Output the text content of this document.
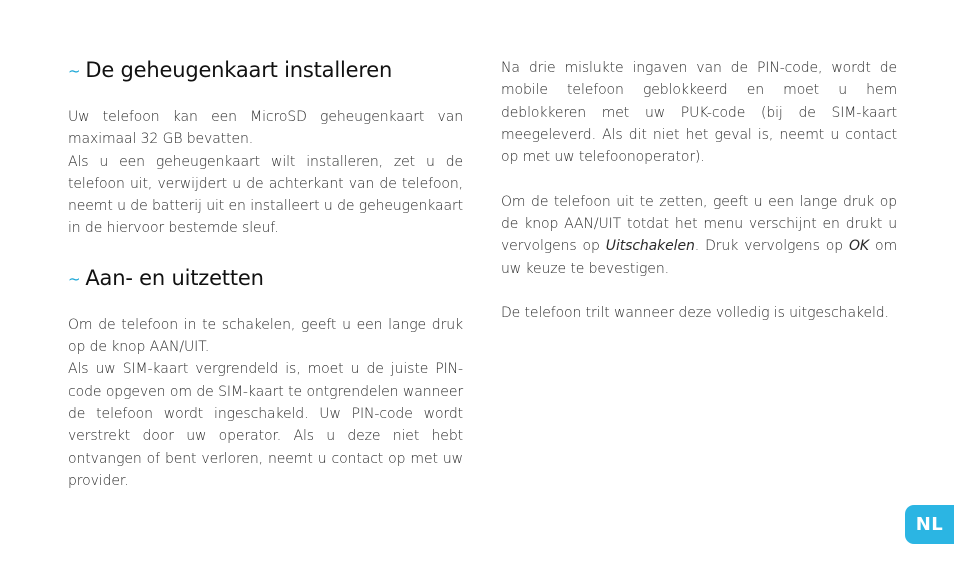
~ De geheugenkaart installeren

Uw telefoon kan een MicroSD geheugenkaart van maximaal 32 GB bevatten.

Als u een geheugenkaart wilt installeren, zet u de telefoon uit, verwijdert u de achterkant van de telefoon, neemt u de batterij uit en installeert u de geheugenkaart in de hiervoor bestemde sleuf.

~ Aan- en uitzetten

Om de telefoon in te schakelen, geeft u een lange druk op de knop AAN/UIT.

Als uw SIM-kaart vergrendeld is, moet u de juiste PIN-code opgeven om de SIM-kaart te ontgrendelen wanneer de telefoon wordt ingeschakeld. Uw PIN-code wordt verstrekt door uw operator. Als u deze niet hebt ontvangen of bent verloren, neemt u contact op met uw provider.

Na drie mislukte ingaven van de PIN-code, wordt de mobile telefoon geblokkeerd en moet u hem deblokkeren met uw PUK-code (bij de SIM-kaart meegeleverd. Als dit niet het geval is, neemt u contact op met uw telefoonoperator).

Om de telefoon uit te zetten, geeft u een lange druk op de knop AAN/UIT totdat het menu verschijnt en drukt u vervolgens op Uitschakelen. Druk vervolgens op OK om uw keuze te bevestigen.

De telefoon trilt wanneer deze volledig is uitgeschakeld.

NL
